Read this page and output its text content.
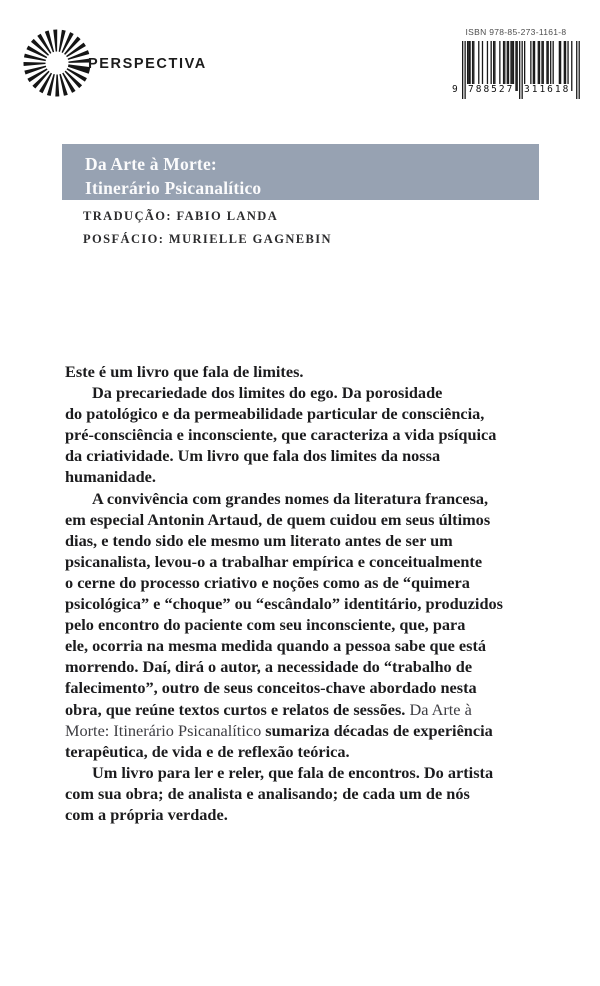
PERSPECTIVA
ISBN 978-85-273-1161-8
9 788527 311618
Da Arte à Morte:
Itinerário Psicanalítico
TRADUÇÃO: FABIO LANDA
POSFÁCIO: MURIELLE GAGNEBIN
Este é um livro que fala de limites.
Da precariedade dos limites do ego. Da porosidade
do patológico e da permeabilidade particular de consciência,
pré-consciência e inconsciente, que caracteriza a vida psíquica
da criatividade. Um livro que fala dos limites da nossa
humanidade.
A convivência com grandes nomes da literatura francesa,
em especial Antonin Artaud, de quem cuidou em seus últimos
dias, e tendo sido ele mesmo um literato antes de ser um
psicanalista, levou-o a trabalhar empírica e conceitualmente
o cerne do processo criativo e noções como as de “quimera
psicológica” e “choque” ou “escândalo” identitário, produzidos
pelo encontro do paciente com seu inconsciente, que, para
ele, ocorria na mesma medida quando a pessoa sabe que está
morrendo. Daí, dirá o autor, a necessidade do “trabalho de
falecimento”, outro de seus conceitos-chave abordado nesta
obra, que reúne textos curtos e relatos de sessões. Da Arte à
Morte: Itinerário Psicanalítico sumariza décadas de experiência
terapêutica, de vida e de reflexão teórica.
Um livro para ler e reler, que fala de encontros. Do artista
com sua obra; de analista e analisando; de cada um de nós
com a própria verdade.
